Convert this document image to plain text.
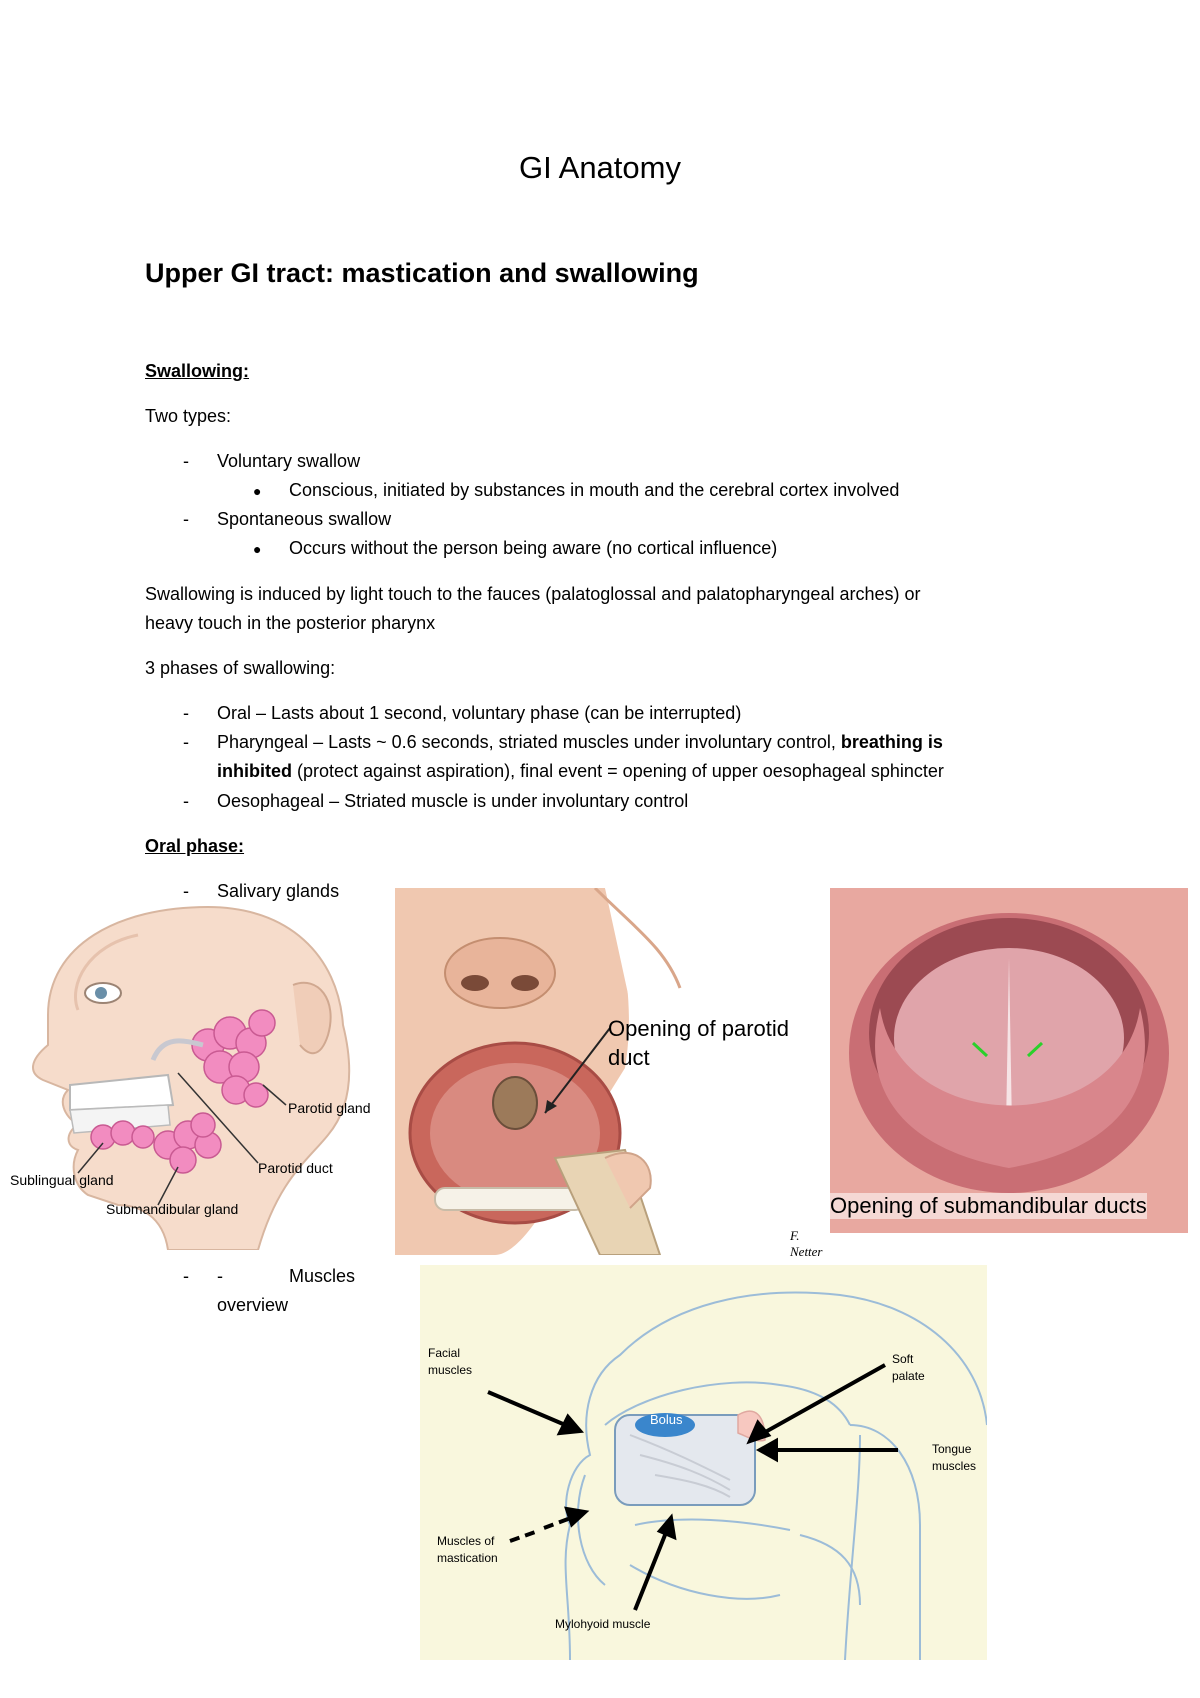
GI Anatomy
Upper GI tract: mastication and swallowing
Swallowing:
Two types:
- Voluntary swallow
● Conscious, initiated by substances in mouth and the cerebral cortex involved
- Spontaneous swallow
● Occurs without the person being aware (no cortical influence)
Swallowing is induced by light touch to the fauces (palatoglossal and palatopharyngeal arches) or
heavy touch in the posterior pharynx
3 phases of swallowing:
- Oral – Lasts about 1 second, voluntary phase (can be interrupted)
- Pharyngeal – Lasts ~ 0.6 seconds, striated muscles under involuntary control, breathing is
inhibited (protect against aspiration), final event = opening of upper oesophageal sphincter
- Oesophageal – Striated muscle is under involuntary control
Oral phase:
- Salivary glands
- -	Muscles
overview
Parotid gland
Parotid duct
Sublingual gland
Submandibular gland
Opening of parotid
duct
F. Netter
Opening of submandibular ducts
Bolus
Facial
muscles
Soft
palate
Tongue
muscles
Muscles of
mastication
Mylohyoid muscle
